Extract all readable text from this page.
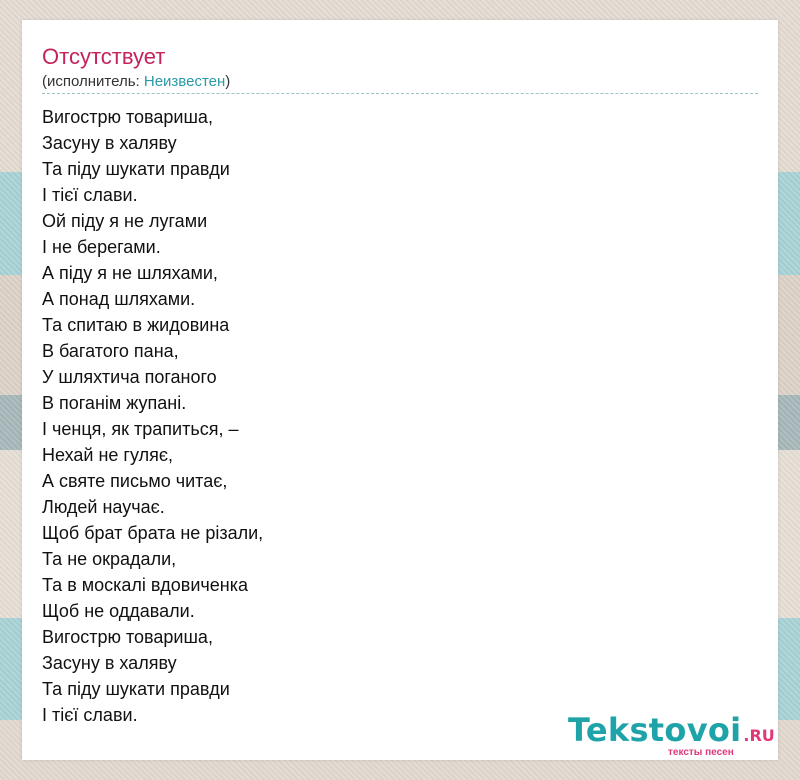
Отсутствует
(исполнитель: Неизвестен)
Вигострю товариша,
Засуну в халяву
Та піду шукати правди
І тієї слави.
Ой піду я не лугами
І не берегами.
А піду я не шляхами,
А понад шляхами.
Та спитаю в жидовина
В багатого пана,
У шляхтича поганого
В поганім жупані.
І ченця, як трапиться, –
Нехай не гуляє,
А святе письмо читає,
Людей научає.
Щоб брат брата не різали,
Та не окрадали,
Та в москалі вдовиченка
Щоб не оддавали.
Вигострю товариша,
Засуну в халяву
Та піду шукати правди
І тієї слави.	Tekstovoi .RU
тексты песен
